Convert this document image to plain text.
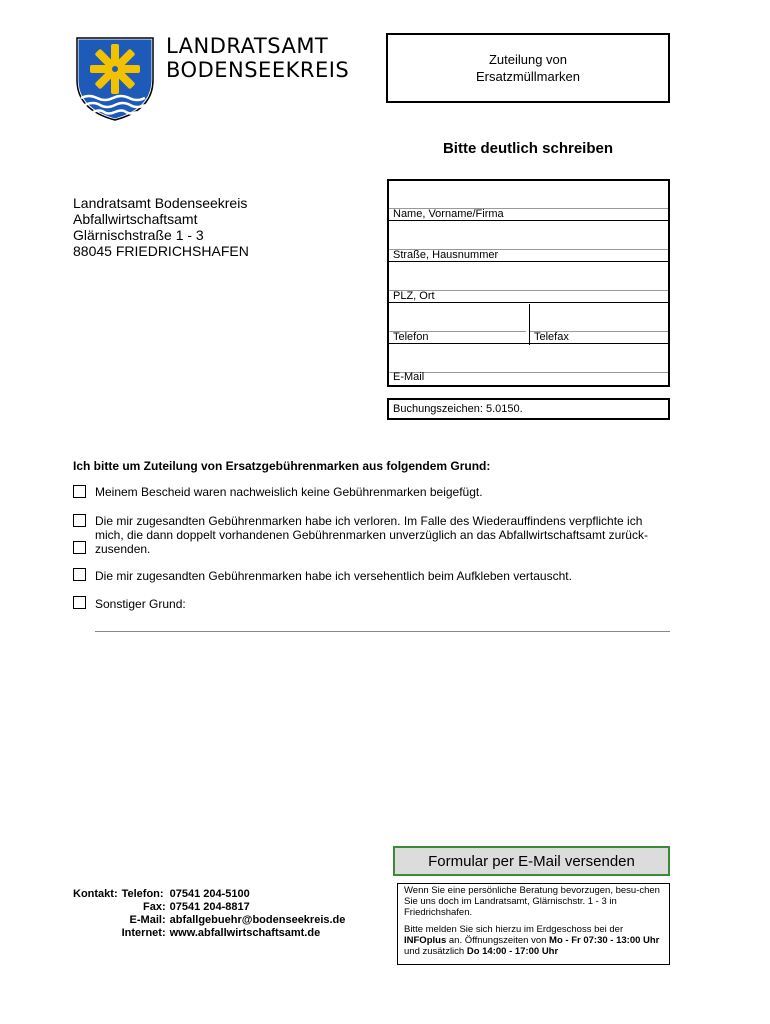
LANDRATSAMT
BODENSEEKREIS	Zuteilung von
Ersatzmüllmarken
Bitte deutlich schreiben
Landratsamt Bodenseekreis
Abfallwirtschaftsamt
Glärnischstraße 1 - 3
88045 FRIEDRICHSHAFEN
Name, Vorname/Firma
Straße, Hausnummer
PLZ, Ort
Telefon	Telefax
E-Mail
Buchungszeichen: 5.0150.
Ich bitte um Zuteilung von Ersatzgebührenmarken aus folgendem Grund:
Meinem Bescheid waren nachweislich keine Gebührenmarken beigefügt.
Die mir zugesandten Gebührenmarken habe ich verloren. Im Falle des Wiederauffindens verpflichte ich mich, die dann doppelt vorhandenen Gebührenmarken unverzüglich an das Abfallwirtschaftsamt zurück-zusenden.
Die mir zugesandten Gebührenmarken habe ich versehentlich beim Aufkleben vertauscht.
Sonstiger Grund:
Formular per E-Mail versenden
Kontakt:	Telefon:	07541 204-5100
	Fax:	07541 204-8817
	E-Mail:	abfallgebuehr@bodenseekreis.de
	Internet:	www.abfallwirtschaftsamt.de

Wenn Sie eine persönliche Beratung bevorzugen, besu-chen Sie uns doch im Landratsamt, Glärnischstr. 1 - 3 in Friedrichshafen.

Bitte melden Sie sich hierzu im Erdgeschoss bei der INFOplus an. Öffnungszeiten von Mo - Fr 07:30 - 13:00 Uhr und zusätzlich Do 14:00 - 17:00 Uhr
